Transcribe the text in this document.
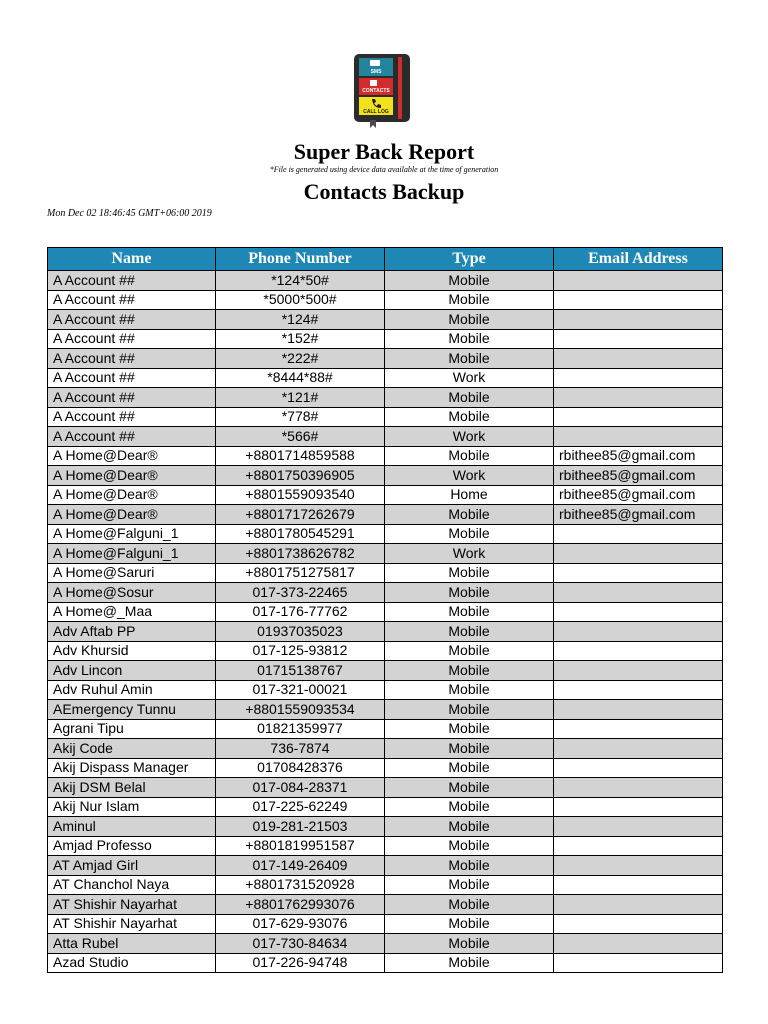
SMS
CONTACTS
CALL LOG
Super Back Report
*File is generated using device data available at the time of generation
Contacts Backup
Mon Dec 02 18:46:45 GMT+06:00 2019
Name	Phone Number	Type	Email Address
A Account ##	*124*50#	Mobile	
A Account ##	*5000*500#	Mobile	
A Account ##	*124#	Mobile	
A Account ##	*152#	Mobile	
A Account ##	*222#	Mobile	
A Account ##	*8444*88#	Work	
A Account ##	*121#	Mobile	
A Account ##	*778#	Mobile	
A Account ##	*566#	Work	
A Home@Dear®	+8801714859588	Mobile	rbithee85@gmail.com
A Home@Dear®	+8801750396905	Work	rbithee85@gmail.com
A Home@Dear®	+8801559093540	Home	rbithee85@gmail.com
A Home@Dear®	+8801717262679	Mobile	rbithee85@gmail.com
A Home@Falguni_1	+8801780545291	Mobile	
A Home@Falguni_1	+8801738626782	Work	
A Home@Saruri	+8801751275817	Mobile	
A Home@Sosur	017-373-22465	Mobile	
A Home@_Maa	017-176-77762	Mobile	
Adv Aftab PP	01937035023	Mobile	
Adv Khursid	017-125-93812	Mobile	
Adv Lincon	01715138767	Mobile	
Adv Ruhul Amin	017-321-00021	Mobile	
AEmergency Tunnu	+8801559093534	Mobile	
Agrani Tipu	01821359977	Mobile	
Akij Code	736-7874	Mobile	
Akij Dispass Manager	01708428376	Mobile	
Akij DSM Belal	017-084-28371	Mobile	
Akij Nur Islam	017-225-62249	Mobile	
Aminul	019-281-21503	Mobile	
Amjad Professo	+8801819951587	Mobile	
AT Amjad Girl	017-149-26409	Mobile	
AT Chanchol Naya	+8801731520928	Mobile	
AT Shishir Nayarhat	+8801762993076	Mobile	
AT Shishir Nayarhat	017-629-93076	Mobile	
Atta Rubel	017-730-84634	Mobile	
Azad Studio	017-226-94748	Mobile	
